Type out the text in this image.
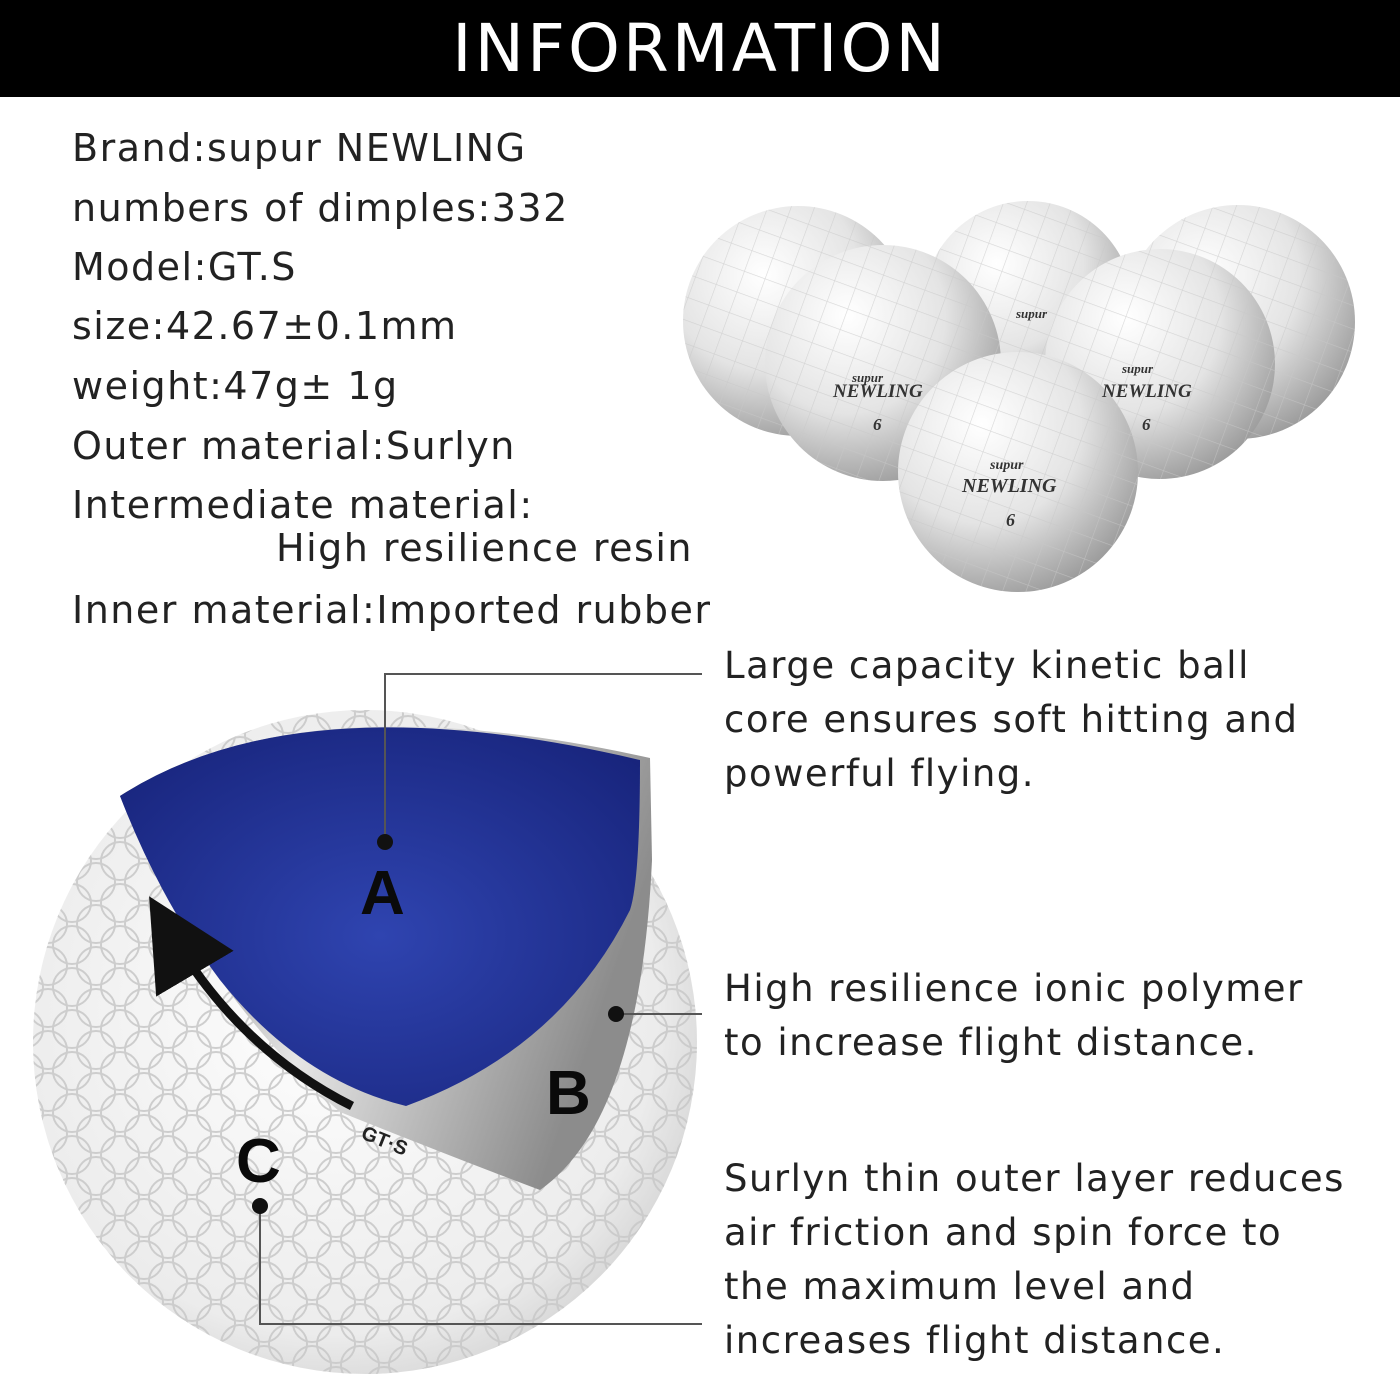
INFORMATION
Brand:supur NEWLING
numbers of dimples:332
Model:GT.S
size:42.67±0.1mm
weight:47g± 1g
Outer material:Surlyn
Intermediate material:
High resilience resin
Inner material:Imported rubber
supur
supur
supur
NEWLING	NEWLING
6	6
supur
NEWLING
6
GT·S
A
B
C
Large capacity kinetic ball
core ensures soft hitting and
powerful flying.
High resilience ionic polymer
to increase flight distance.
Surlyn thin outer layer reduces
air friction and spin force to
the maximum level and
increases flight distance.
